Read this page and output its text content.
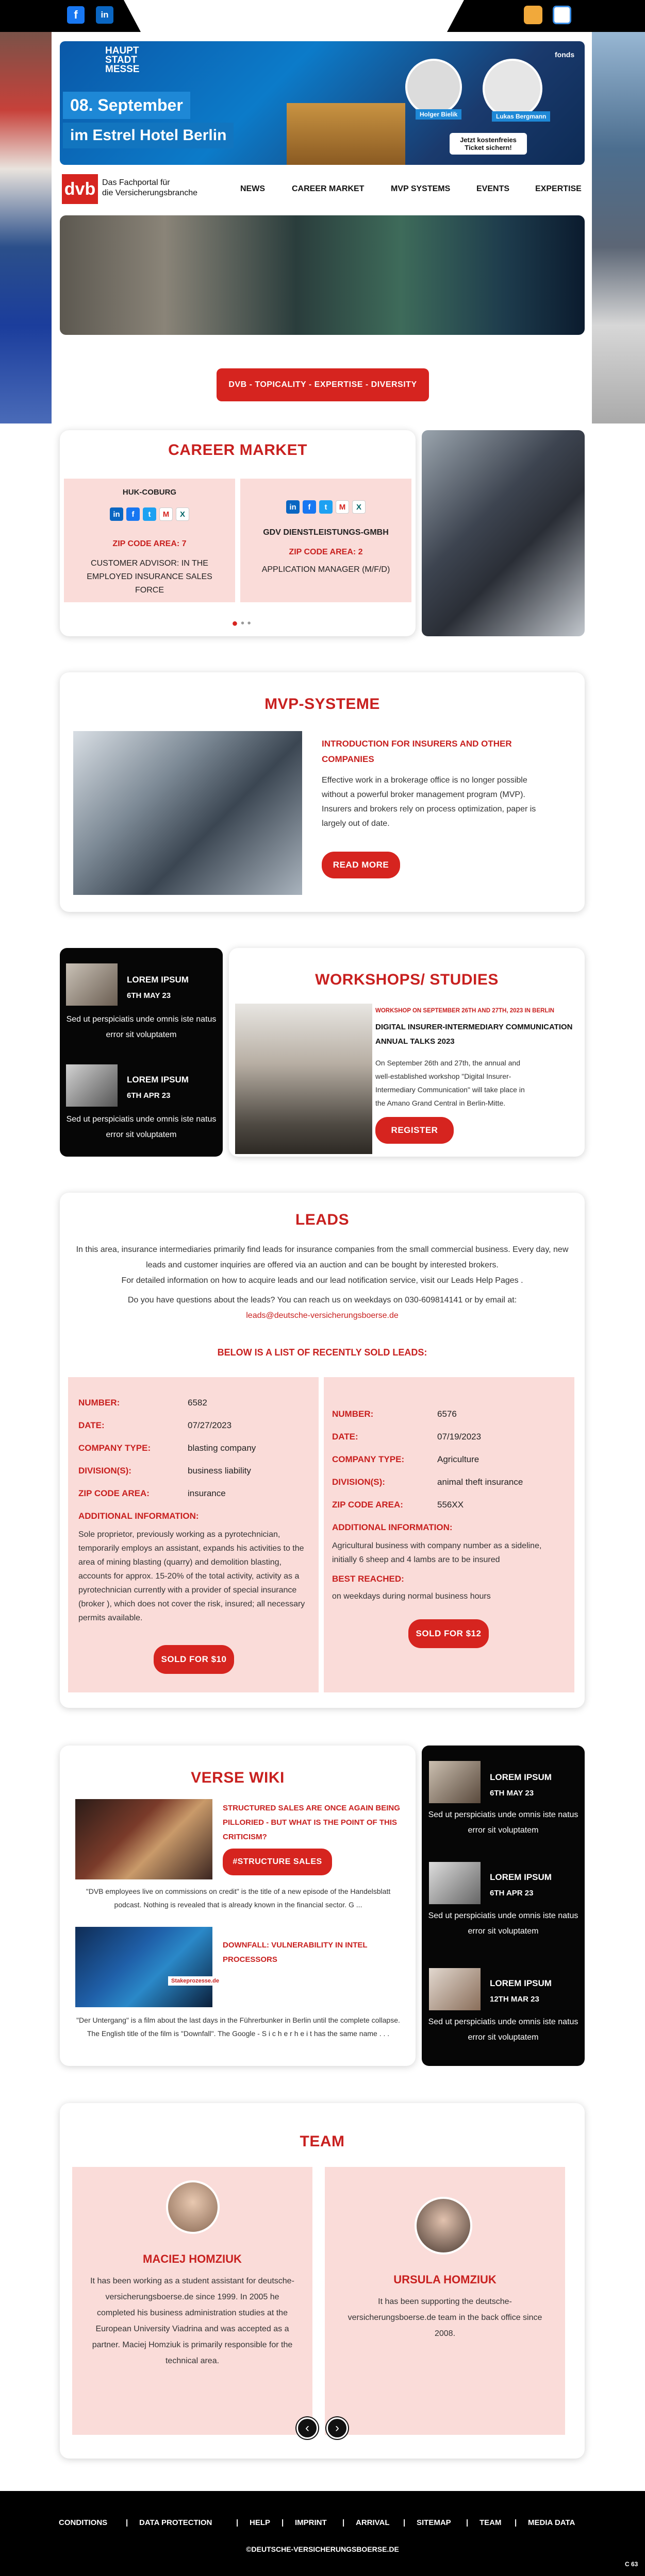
f	in
HAUPT STADT MESSE
08. September
im Estrel Hotel Berlin
Holger Bielik	Lukas Bergmann
Jetzt kostenfreies Ticket sichern!
fonds
dvb Das Fachportal für
die Versicherungsbranche	NEWS	CAREER MARKET	MVP SYSTEMS	EVENTS	EXPERTISE
DVB - TOPICALITY - EXPERTISE - DIVERSITY
CAREER MARKET
HUK-COBURG
in f t M X
ZIP CODE AREA: 7
CUSTOMER ADVISOR: IN THE EMPLOYED INSURANCE SALES FORCE
in f t M X
GDV DIENSTLEISTUNGS-GMBH
ZIP CODE AREA: 2
APPLICATION MANAGER (M/F/D)
● • •
MVP-SYSTEME
INTRODUCTION FOR INSURERS AND OTHER COMPANIES
Effective work in a brokerage office is no longer possible without a powerful broker management program (MVP). Insurers and brokers rely on process optimization, paper is largely out of date.
READ MORE
LOREM IPSUM
6TH MAY 23
Sed ut perspiciatis unde omnis iste natus error sit voluptatem
LOREM IPSUM
6TH APR 23
Sed ut perspiciatis unde omnis iste natus error sit voluptatem
WORKSHOPS/ STUDIES
WORKSHOP ON SEPTEMBER 26TH AND 27TH, 2023 IN BERLIN
DIGITAL INSURER-INTERMEDIARY COMMUNICATION ANNUAL TALKS 2023
On September 26th and 27th, the annual and well-established workshop "Digital Insurer-Intermediary Communication" will take place in the Amano Grand Central in Berlin-Mitte.
REGISTER
LEADS
In this area, insurance intermediaries primarily find leads for insurance companies from the small commercial business. Every day, new leads and customer inquiries are offered via an auction and can be bought by interested brokers.
For detailed information on how to acquire leads and our lead notification service, visit our Leads Help Pages .
Do you have questions about the leads? You can reach us on weekdays on 030-609814141 or by email at:
leads@deutsche-versicherungsboerse.de
BELOW IS A LIST OF RECENTLY SOLD LEADS:
NUMBER:	6582
DATE:	07/27/2023
COMPANY TYPE:	blasting company
DIVISION(S):	business liability
ZIP CODE AREA:	insurance
ADDITIONAL INFORMATION:
Sole proprietor, previously working as a pyrotechnician, temporarily employs an assistant, expands his activities to the area of mining blasting (quarry) and demolition blasting, accounts for approx. 15-20% of the total activity, activity as a pyrotechnician currently with a provider of special insurance (broker ), which does not cover the risk, insured; all necessary permits available.
SOLD FOR $10
NUMBER:	6576
DATE:	07/19/2023
COMPANY TYPE:	Agriculture
DIVISION(S):	animal theft insurance
ZIP CODE AREA:	556XX
ADDITIONAL INFORMATION:
Agricultural business with company number as a sideline, initially 6 sheep and 4 lambs are to be insured
BEST REACHED:
on weekdays during normal business hours
SOLD FOR $12
VERSE WIKI
STRUCTURED SALES ARE ONCE AGAIN BEING PILLORIED - BUT WHAT IS THE POINT OF THIS CRITICISM?
#STRUCTURE SALES
"DVB employees live on commissions on credit" is the title of a new episode of the Handelsblatt podcast. Nothing is revealed that is already known in the financial sector. G ...
Stakeprozesse.de
DOWNFALL: VULNERABILITY IN INTEL PROCESSORS
"Der Untergang" is a film about the last days in the Führerbunker in Berlin until the complete collapse. The English title of the film is "Downfall". The Google - S i c h e r h e i t has the same name . . .
LOREM IPSUM
6TH MAY 23
Sed ut perspiciatis unde omnis iste natus error sit voluptatem
LOREM IPSUM
6TH APR 23
Sed ut perspiciatis unde omnis iste natus error sit voluptatem
LOREM IPSUM
12TH MAR 23
Sed ut perspiciatis unde omnis iste natus error sit voluptatem
TEAM
MACIEJ HOMZIUK
It has been working as a student assistant for deutsche-versicherungsboerse.de since 1999. In 2005 he completed his business administration studies at the European University Viadrina and was accepted as a partner. Maciej Homziuk is primarily responsible for the technical area.
URSULA HOMZIUK
It has been supporting the deutsche-versicherungsboerse.de team in the back office since 2008.
‹	›
CONDITIONS | DATA PROTECTION	| HELP | IMPRINT | ARRIVAL | SITEMAP | TEAM | MEDIA DATA
©DEUTSCHE-VERSICHERUNGSBOERSE.DE
C 63
